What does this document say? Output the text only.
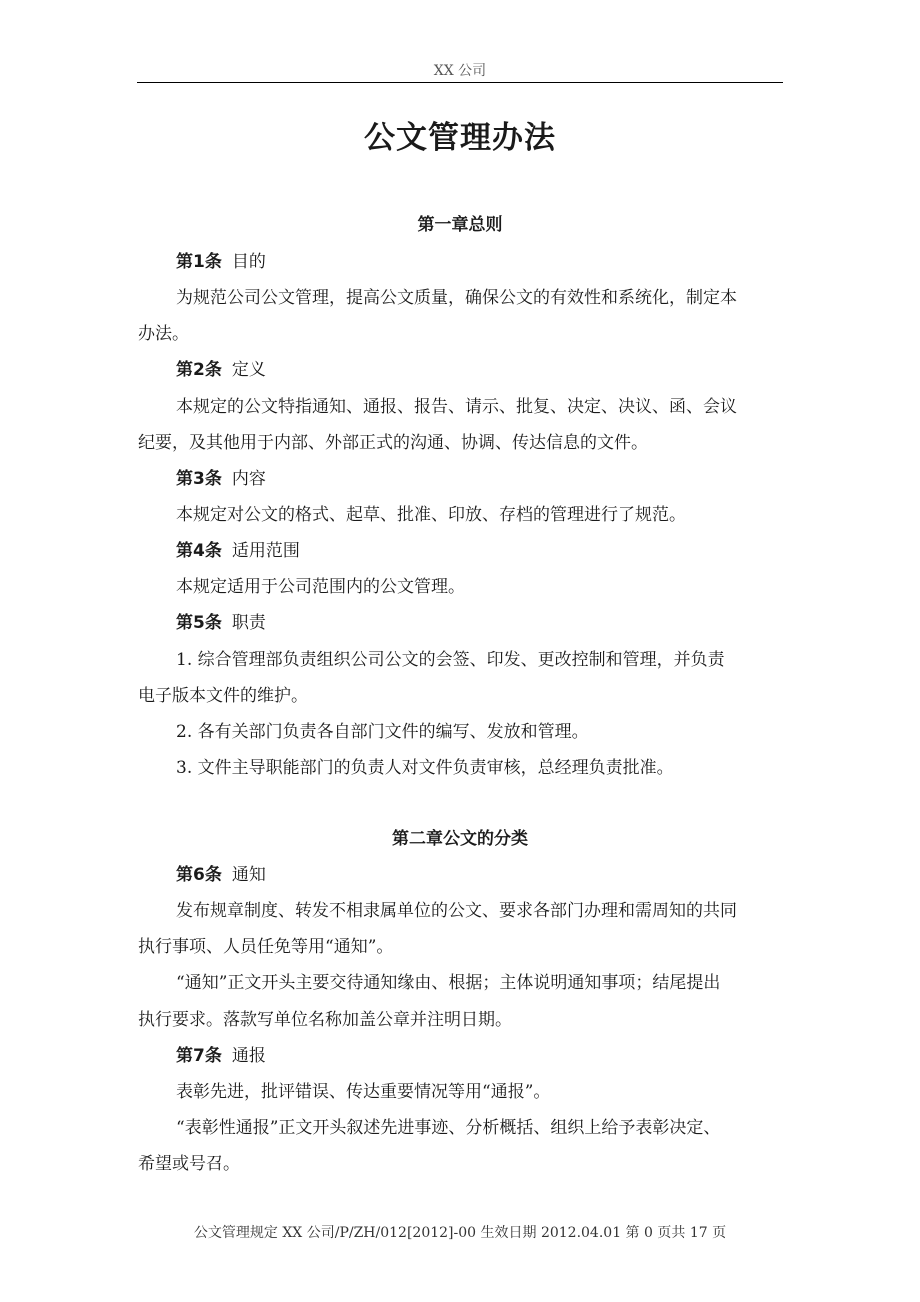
XX 公司
公文管理办法
第一章总则
第1条 目的
为规范公司公文管理，提高公文质量，确保公文的有效性和系统化，制定本
办法。
第2条 定义
本规定的公文特指通知、通报、报告、请示、批复、决定、决议、函、会议
纪要，及其他用于内部、外部正式的沟通、协调、传达信息的文件。
第3条 内容
本规定对公文的格式、起草、批准、印放、存档的管理进行了规范。
第4条 适用范围
本规定适用于公司范围内的公文管理。
第5条 职责
1. 综合管理部负责组织公司公文的会签、印发、更改控制和管理，并负责
电子版本文件的维护。
2. 各有关部门负责各自部门文件的编写、发放和管理。
3. 文件主导职能部门的负责人对文件负责审核，总经理负责批准。
第二章公文的分类
第6条 通知
发布规章制度、转发不相隶属单位的公文、要求各部门办理和需周知的共同
执行事项、人员任免等用“通知”。
“通知”正文开头主要交待通知缘由、根据；主体说明通知事项；结尾提出
执行要求。落款写单位名称加盖公章并注明日期。
第7条 通报
表彰先进，批评错误、传达重要情况等用“通报”。
“表彰性通报”正文开头叙述先进事迹、分析概括、组织上给予表彰决定、
希望或号召。
公文管理规定 XX 公司/P/ZH/012[2012]-00 生效日期 2012.04.01 第 0 页共 17 页
